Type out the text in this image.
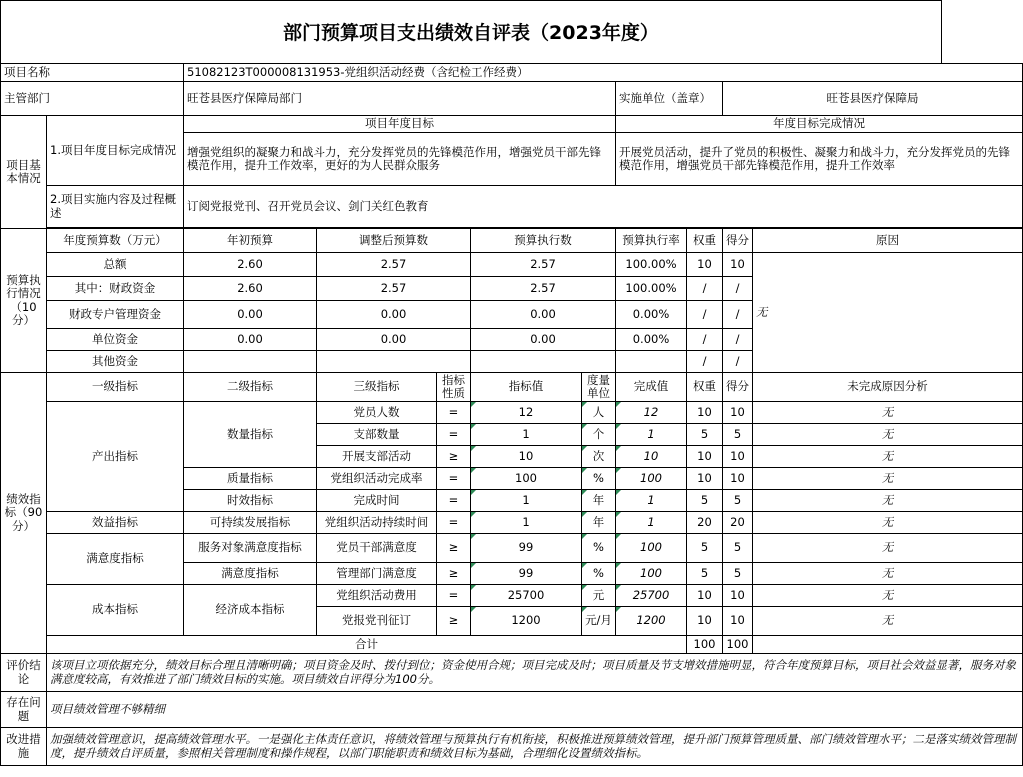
部门预算项目支出绩效自评表（2023年度）
项目名称		51082123T000008131953-党组织活动经费（含纪检工作经费）								
主管部门		旺苍县医疗保障局部门					实施单位（盖章）		旺苍县医疗保障局	
项目基本情况	1.项目年度目标完成情况	项目年度目标					年度目标完成情况			
		增强党组织的凝聚力和战斗力，充分发挥党员的先锋模范作用，增强党员干部先锋模范作用，提升工作效率，更好的为人民群众服务					开展党员活动，提升了党员的积极性、凝聚力和战斗力，充分发挥党员的先锋模范作用，增强党员干部先锋模范作用，提升工作效率			
	2.项目实施内容及过程概述	订阅党报党刊、召开党员会议、剑门关红色教育								

预算执行情况（10分）	年度预算数（万元）	年初预算	调整后预算数		预算执行数		预算执行率	权重	得分	原因
	总额	2.60	2.57		2.57		100.00%	10	10	无
	其中：财政资金	2.60	2.57		2.57		100.00%	/	/	
	财政专户管理资金	0.00	0.00		0.00		0.00%	/	/	
	单位资金	0.00	0.00		0.00		0.00%	/	/	
	其他资金							/	/	
绩效指标（90分）	一级指标	二级指标	三级指标	指标性质	指标值	度量单位	完成值	权重	得分	未完成原因分析
	产出指标	数量指标	党员人数	=	12	人	12	10	10	无
			支部数量	=	1	个	1	5	5	无
			开展支部活动	≥	10	次	10	10	10	无
		质量指标	党组织活动完成率	=	100	%	100	10	10	无
		时效指标	完成时间	=	1	年	1	5	5	无
	效益指标	可持续发展指标	党组织活动持续时间	=	1	年	1	20	20	无
	满意度指标	服务对象满意度指标	党员干部满意度	≥	99	%	100	5	5	无
		满意度指标	管理部门满意度	≥	99	%	100	5	5	无
	成本指标	经济成本指标	党组织活动费用	=	25700	元	25700	10	10	无
			党报党刊征订	≥	1200	元/月	1200	10	10	无
	合计							100	100	
评价结论	该项目立项依据充分，绩效目标合理且清晰明确；项目资金及时、拨付到位；资金使用合规；项目完成及时；项目质量及节支增效措施明显，符合年度预算目标，项目社会效益显著，服务对象满意度较高，有效推进了部门绩效目标的实施。项目绩效自评得分为100分。									
存在问题	项目绩效管理不够精细									
改进措施	加强绩效管理意识，提高绩效管理水平。一是强化主体责任意识，将绩效管理与预算执行有机衔接，积极推进预算绩效管理，提升部门预算管理质量、部门绩效管理水平；二是落实绩效管理制度，提升绩效自评质量，参照相关管理制度和操作规程，以部门职能职责和绩效目标为基础，合理细化设置绩效指标。									
